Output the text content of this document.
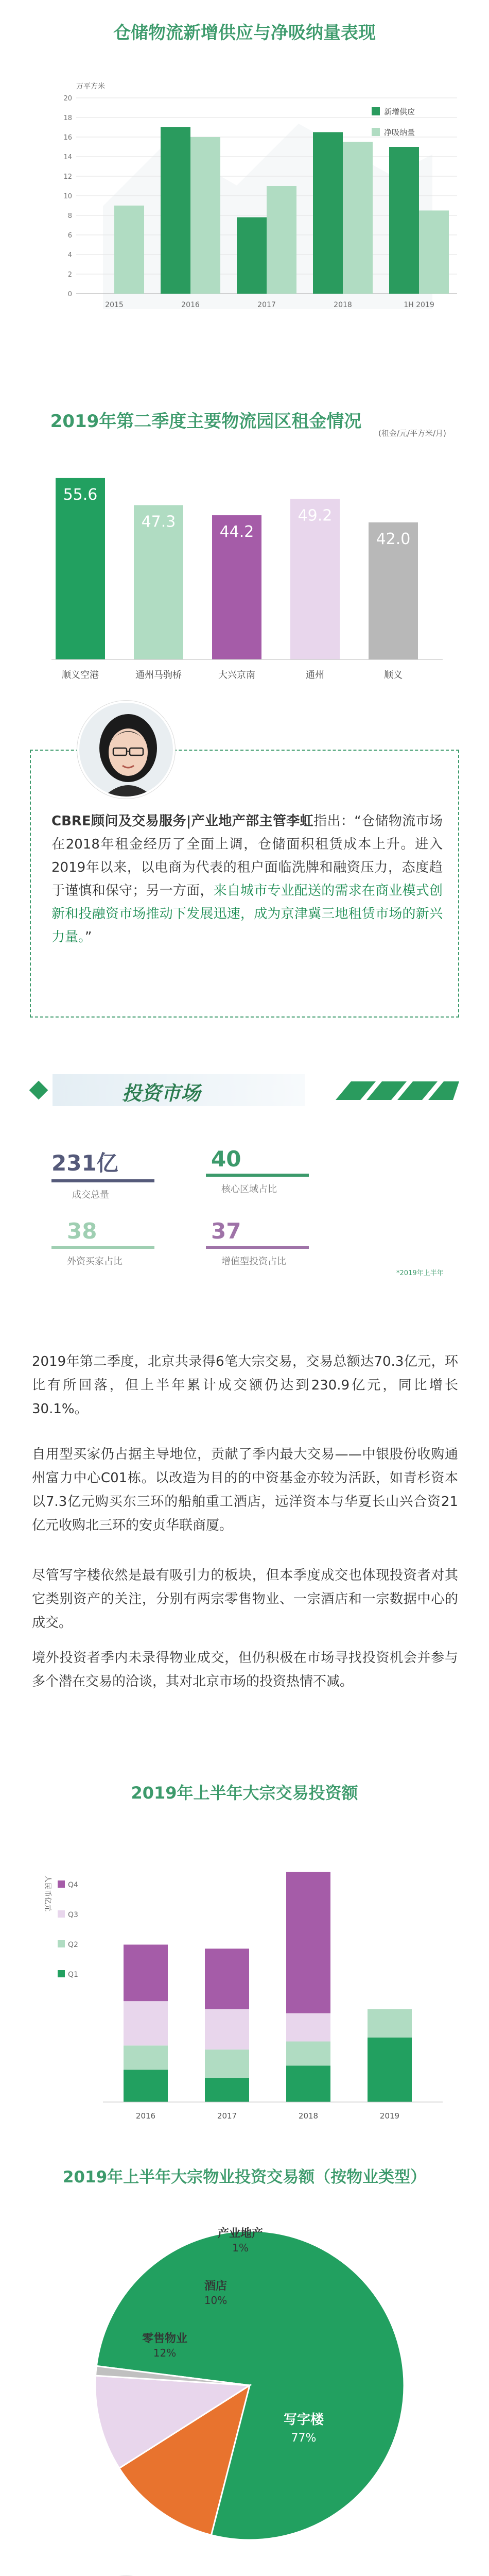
仓储物流新增供应与净吸纳量表现
万平方米
2015	2016	2017	2018	1H 2019
0
2
4
6
8
10
12
14
16
18
20
新增供应
净吸纳量
2019年第二季度主要物流园区租金情况
(租金/元/平方米/月)
55.6
47.3
44.2
49.2
42.0
顺义空港	通州马驹桥	大兴京南	通州	顺义
CBRE顾问及交易服务|产业地产部主管李虹指出：“仓储物流市场在2018年租金经历了全面上调，仓储面积租赁成本上升。进入2019年以来，以电商为代表的租户面临洗牌和融资压力，态度趋于谨慎和保守；另一方面，来自城市专业配送的需求在商业模式创新和投融资市场推动下发展迅速，成为京津冀三地租赁市场的新兴力量。”
投资市场
231亿
成交总量
40
核心区域占比
38
外资买家占比
37
增值型投资占比
*2019年上半年
2019年第二季度，北京共录得6笔大宗交易，交易总额达70.3亿元，环比有所回落，但上半年累计成交额仍达到230.9亿元，同比增长30.1%。
自用型买家仍占据主导地位，贡献了季内最大交易——中银股份收购通州富力中心C01栋。以改造为目的的中资基金亦较为活跃，如青杉资本以7.3亿元购买东三环的船舶重工酒店，远洋资本与华夏长山兴合资21亿元收购北三环的安贞华联商厦。
尽管写字楼依然是最有吸引力的板块，但本季度成交也体现投资者对其它类别资产的关注，分别有两宗零售物业、一宗酒店和一宗数据中心的成交。
境外投资者季内未录得物业成交，但仍积极在市场寻找投资机会并参与多个潜在交易的洽谈，其对北京市场的投资热情不减。
2019年上半年大宗交易投资额
人民币亿元 Q4
Q3
Q2
Q1
2016	2017	2018	2019
2019年上半年大宗物业投资交易额（按物业类型）
写字楼
77%
零售物业
12%
酒店
10%
产业地产
1%
